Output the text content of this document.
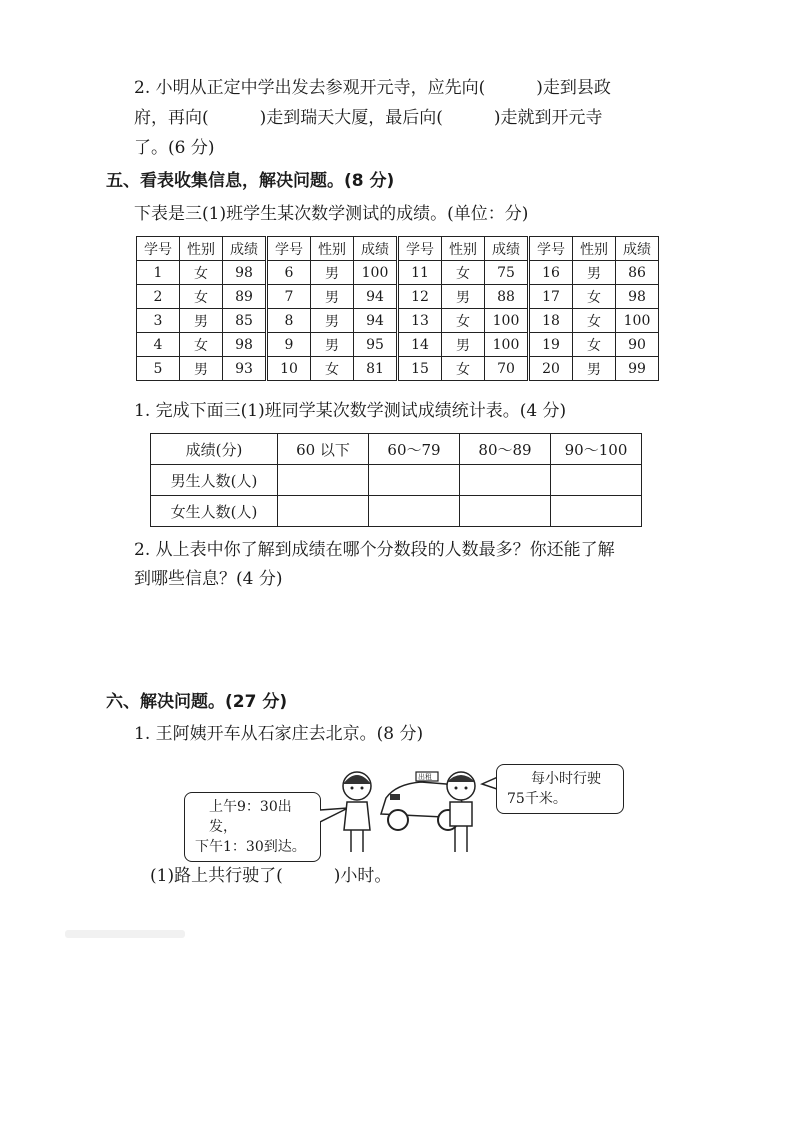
2. 小明从正定中学出发去参观开元寺，应先向(　　　)走到县政
府，再向(　　　)走到瑞天大厦，最后向(　　　)走就到开元寺
了。(6 分)
五、看表收集信息，解决问题。(8 分)
下表是三(1)班学生某次数学测试的成绩。(单位：分)
学号	性别	成绩	学号	性别	成绩	学号	性别	成绩	学号	性别	成绩
1	女	98	6	男	100	11	女	75	16	男	86
2	女	89	7	男	94	12	男	88	17	女	98
3	男	85	8	男	94	13	女	100	18	女	100
4	女	98	9	男	95	14	男	100	19	女	90
5	男	93	10	女	81	15	女	70	20	男	99
1. 完成下面三(1)班同学某次数学测试成绩统计表。(4 分)
成绩(分)	60 以下	60～79	80～89	90～100
男生人数(人)				
女生人数(人)				
2. 从上表中你了解到成绩在哪个分数段的人数最多？你还能了解
到哪些信息？(4 分)
六、解决问题。(27 分)
1. 王阿姨开车从石家庄去北京。(8 分)
上午9：30出发，
下午1：30到达。
出租	每小时行驶
75千米。
(1)路上共行驶了(　　　)小时。
